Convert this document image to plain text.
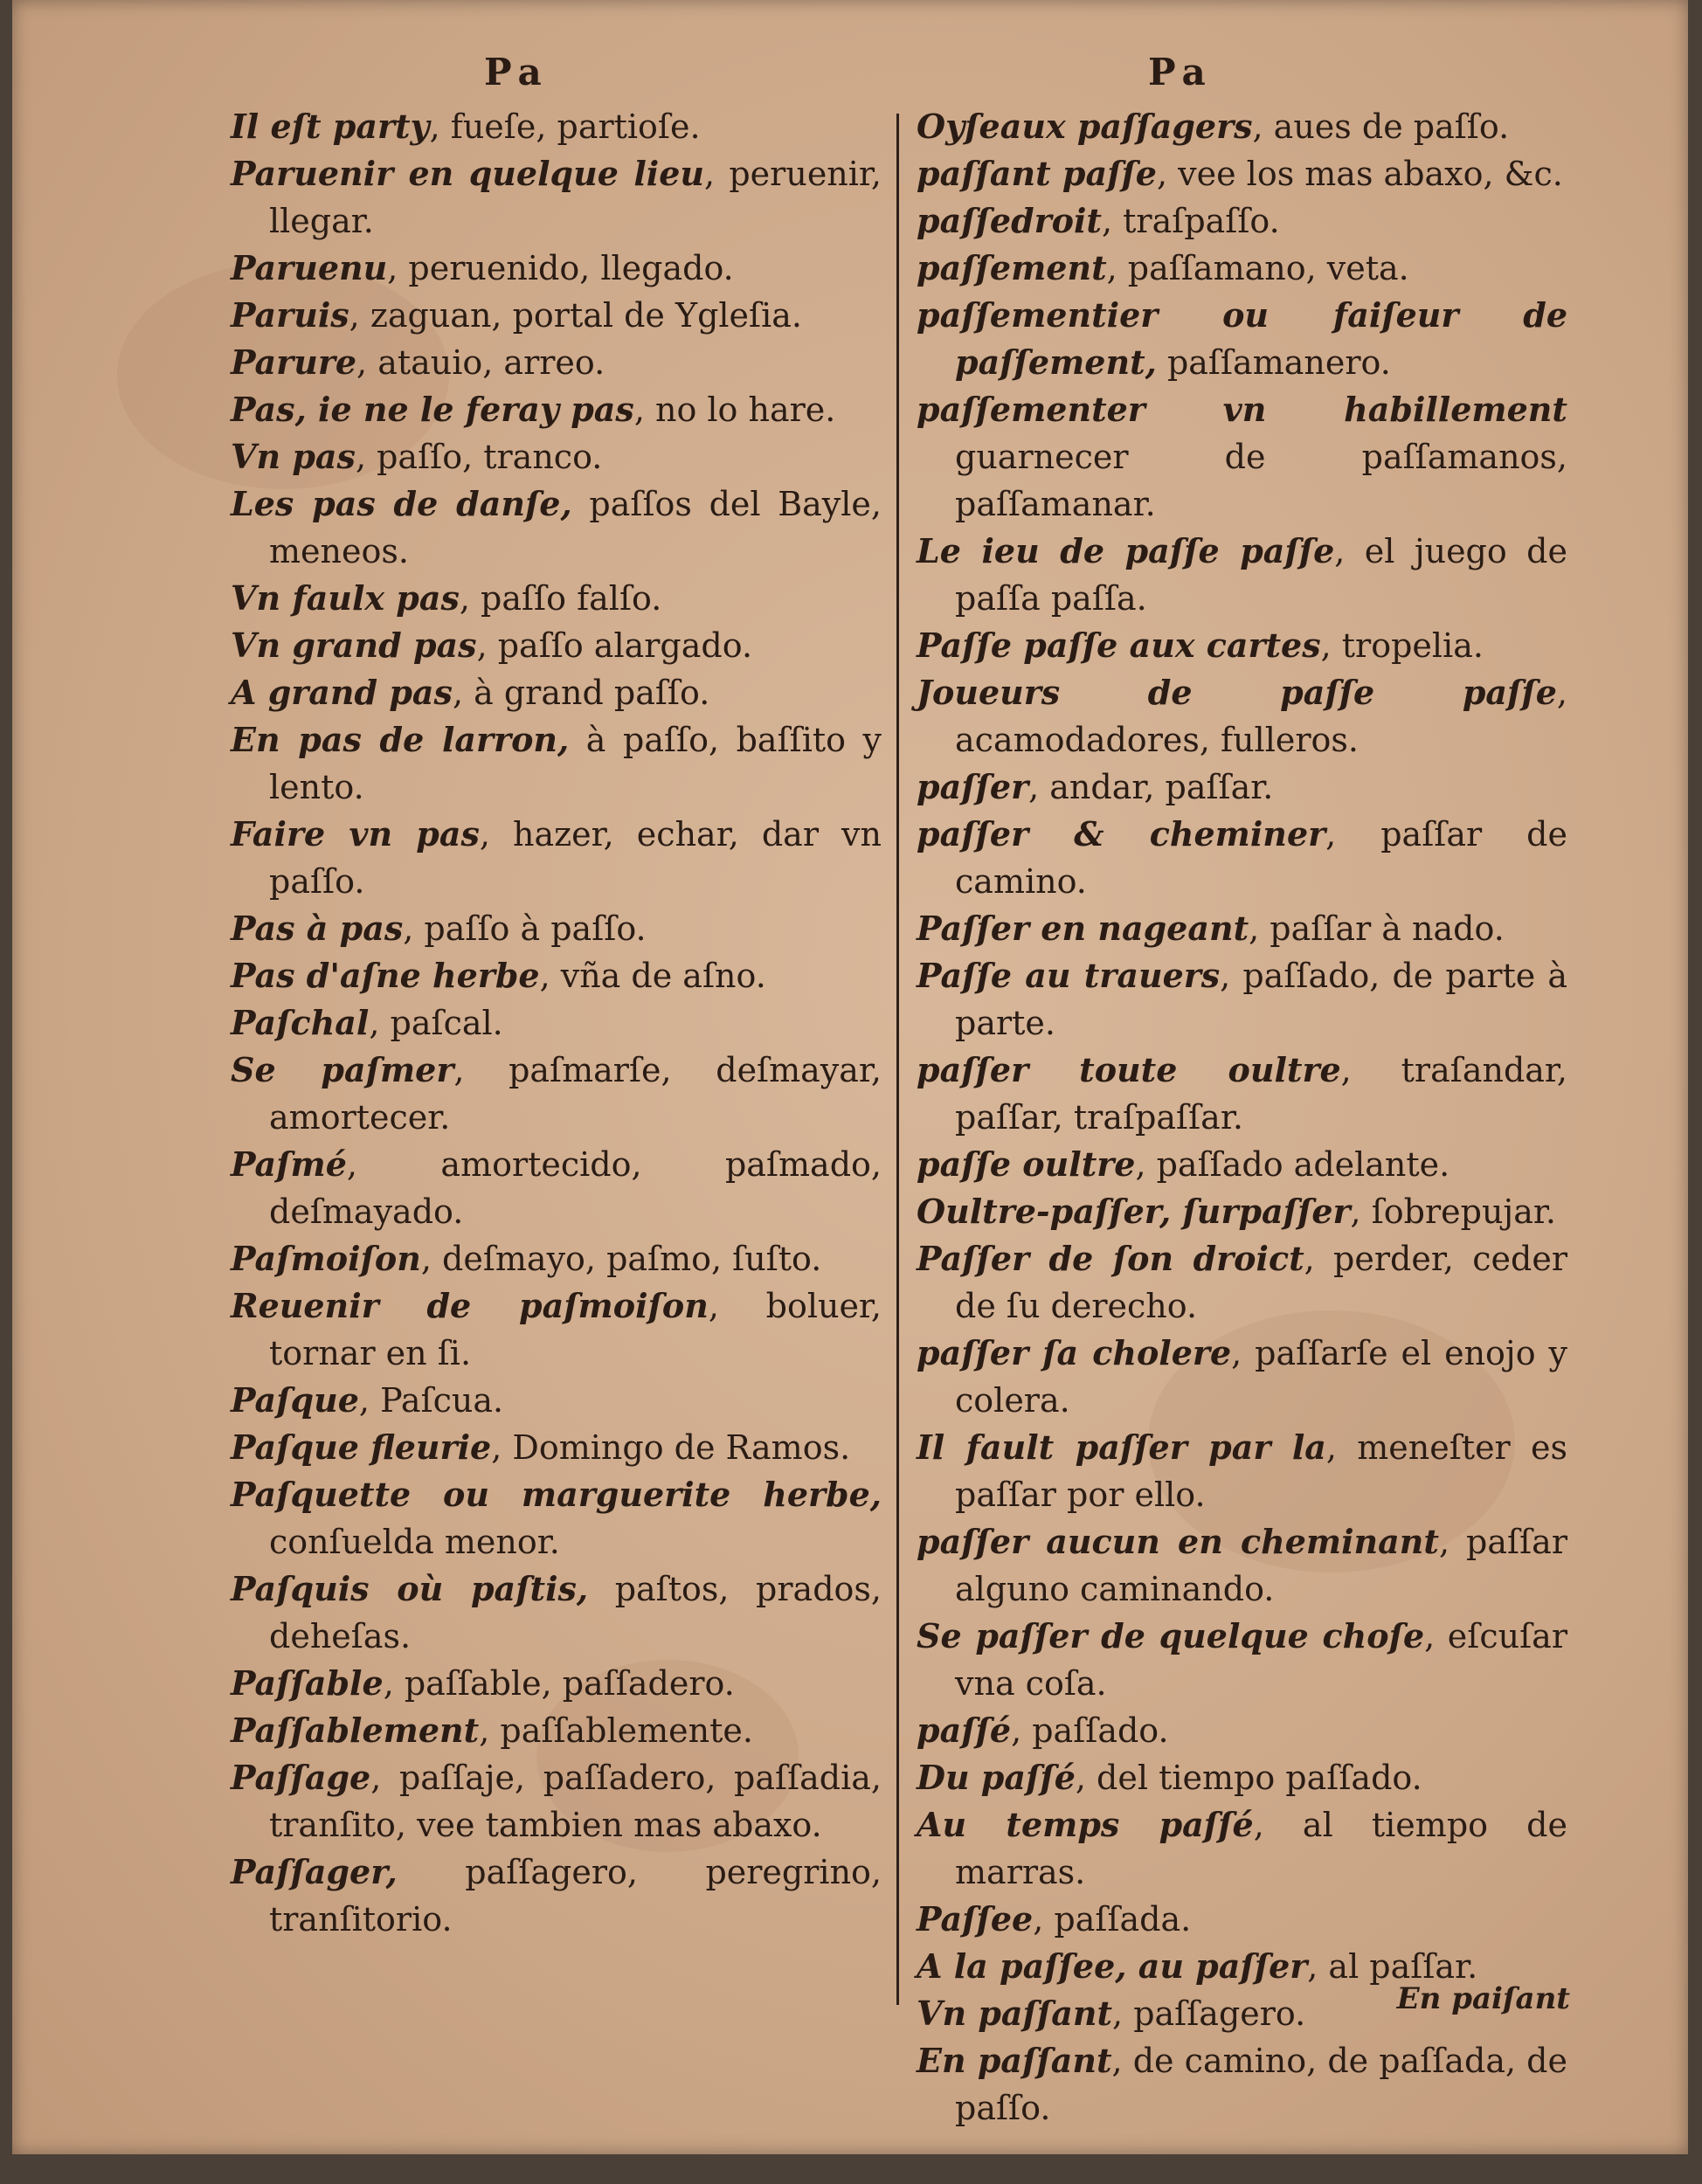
Pa	Pa
Il eſt party, fueſe, partioſe.
Paruenir en quelque lieu, peruenir, llegar.
Paruenu, peruenido, llegado.
Paruis, zaguan, portal de Ygleſia.
Parure, atauio, arreo.
Pas, ie ne le feray pas, no lo hare.
Vn pas, paſſo, tranco.
Les pas de danſe, paſſos del Bayle, meneos.
Vn faulx pas, paſſo falſo.
Vn grand pas, paſſo alargado.
A grand pas, à grand paſſo.
En pas de larron, à paſſo, baſſito y lento.
Faire vn pas, hazer, echar, dar vn paſſo.
Pas à pas, paſſo à paſſo.
Pas d'aſne herbe, vña de aſno.
Paſchal, paſcal.
Se paſmer, paſmarſe, deſmayar, amortecer.
Paſmé, amortecido, paſmado, deſmayado.
Paſmoiſon, deſmayo, paſmo, ſuſto.
Reuenir de paſmoiſon, boluer, tornar en ſi.
Paſque, Paſcua.
Paſque fleurie, Domingo de Ramos.
Paſquette ou marguerite herbe, conſuelda menor.
Paſquis où paſtis, paſtos, prados, deheſas.
Paſſable, paſſable, paſſadero.
Paſſablement, paſſablemente.
Paſſage, paſſaje, paſſadero, paſſadia, tranſito, vee tambien mas abaxo.
Paſſager, paſſagero, peregrino, tranſitorio.
Oyſeaux paſſagers, aues de paſſo.
paſſant paſſe, vee los mas abaxo, &c.
paſſedroit, traſpaſſo.
paſſement, paſſamano, veta.
paſſementier ou faiſeur de paſſement, paſſamanero.
paſſementer vn habillement guarnecer de paſſamanos, paſſamanar.
Le ieu de paſſe paſſe, el juego de paſſa paſſa.
Paſſe paſſe aux cartes, tropelia.
Joueurs de paſſe paſſe, acamodadores, fulleros.
paſſer, andar, paſſar.
paſſer & cheminer, paſſar de camino.
Paſſer en nageant, paſſar à nado.
Paſſe au trauers, paſſado, de parte à parte.
paſſer toute oultre, traſandar, paſſar, traſpaſſar.
paſſe oultre, paſſado adelante.
Oultre-paſſer, ſurpaſſer, ſobrepujar.
Paſſer de ſon droict, perder, ceder de ſu derecho.
paſſer ſa cholere, paſſarſe el enojo y colera.
Il fault paſſer par la, meneſter es paſſar por ello.
paſſer aucun en cheminant, paſſar alguno caminando.
Se paſſer de quelque choſe, eſcuſar vna coſa.
paſſé, paſſado.
Du paſſé, del tiempo paſſado.
Au temps paſſé, al tiempo de marras.
Paſſee, paſſada.
A la paſſee, au paſſer, al paſſar.
Vn paſſant, paſſagero.
En paſſant, de camino, de paſſada, de paſſo.
En paiſant
